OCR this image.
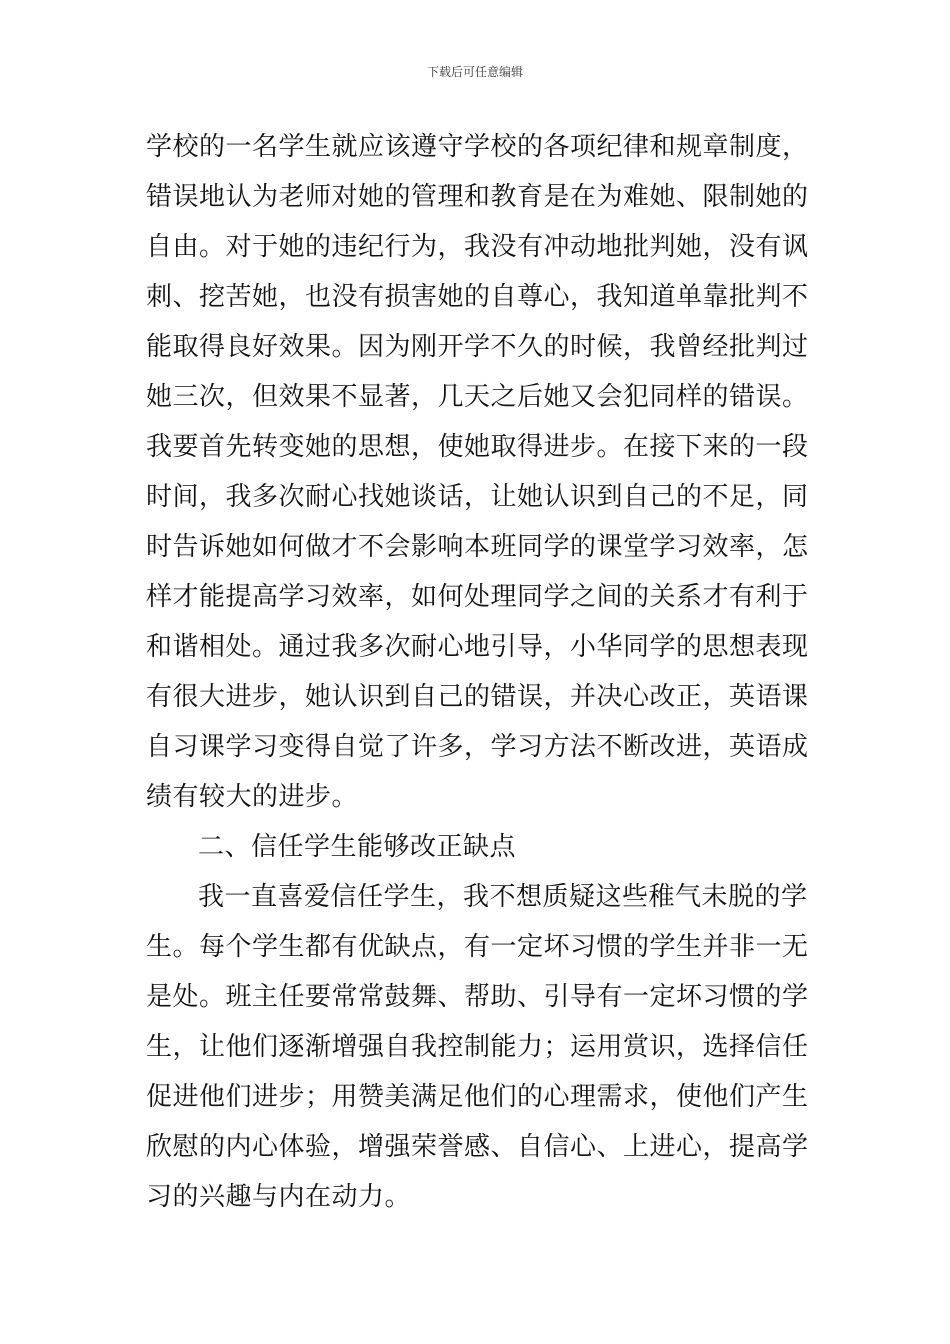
下载后可任意编辑
学校的一名学生就应该遵守学校的各项纪律和规章制度，
错误地认为老师对她的管理和教育是在为难她、限制她的
自由。对于她的违纪行为，我没有冲动地批判她，没有讽
刺、挖苦她，也没有损害她的自尊心，我知道单靠批判不
能取得良好效果。因为刚开学不久的时候，我曾经批判过
她三次，但效果不显著，几天之后她又会犯同样的错误。
我要首先转变她的思想，使她取得进步。在接下来的一段
时间，我多次耐心找她谈话，让她认识到自己的不足，同
时告诉她如何做才不会影响本班同学的课堂学习效率，怎
样才能提高学习效率，如何处理同学之间的关系才有利于
和谐相处。通过我多次耐心地引导，小华同学的思想表现
有很大进步，她认识到自己的错误，并决心改正，英语课
自习课学习变得自觉了许多，学习方法不断改进，英语成
绩有较大的进步。
二、信任学生能够改正缺点
我一直喜爱信任学生，我不想质疑这些稚气未脱的学
生。每个学生都有优缺点，有一定坏习惯的学生并非一无
是处。班主任要常常鼓舞、帮助、引导有一定坏习惯的学
生，让他们逐渐增强自我控制能力；运用赏识，选择信任
促进他们进步；用赞美满足他们的心理需求，使他们产生
欣慰的内心体验，增强荣誉感、自信心、上进心，提高学
习的兴趣与内在动力。
